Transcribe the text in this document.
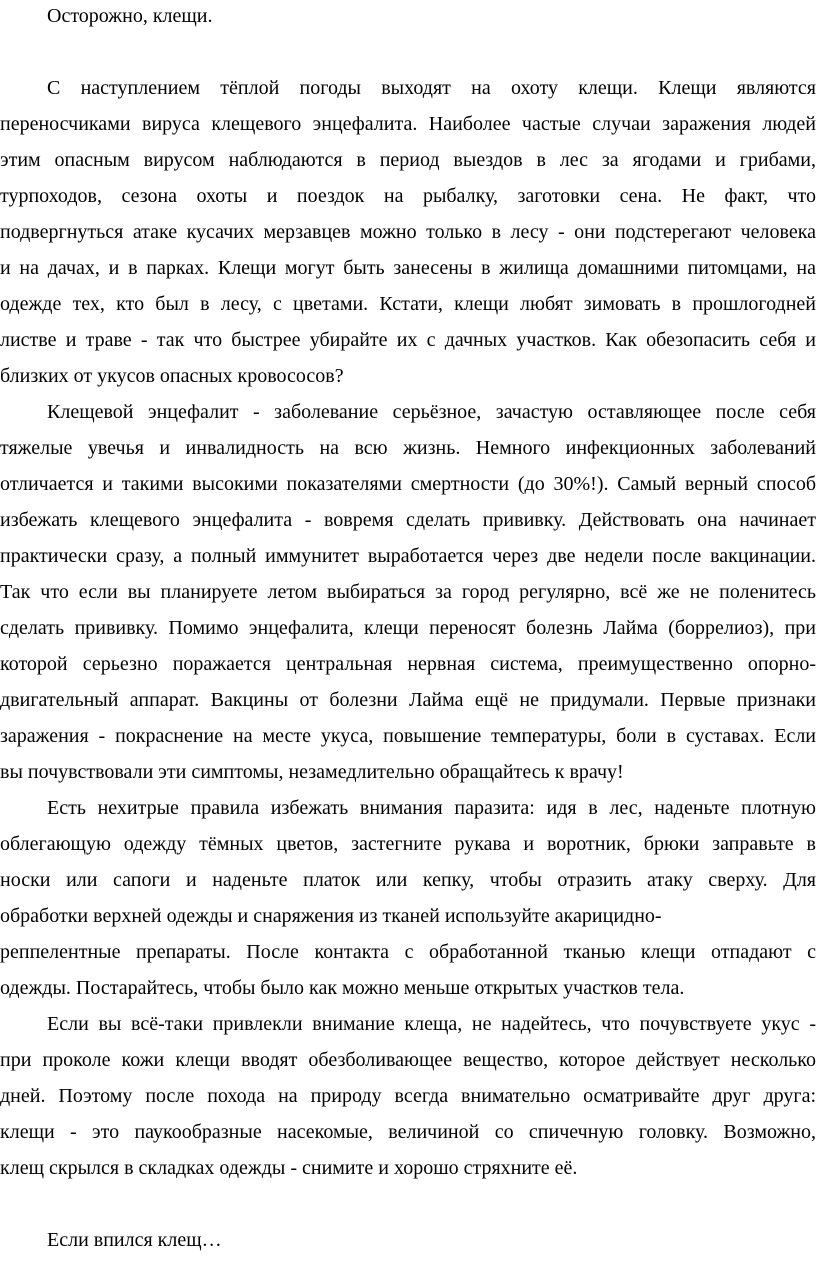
Осторожно, клещи.
С наступлением тёплой погоды выходят на охоту клещи. Клещи являются
переносчиками вируса клещевого энцефалита. Наиболее частые случаи заражения людей
этим опасным вирусом наблюдаются в период выездов в лес за ягодами и грибами,
турпоходов, сезона охоты и поездок на рыбалку, заготовки сена. Не факт, что
подвергнуться атаке кусачих мерзавцев можно только в лесу - они подстерегают человека
и на дачах, и в парках. Клещи могут быть занесены в жилища домашними питомцами, на
одежде тех, кто был в лесу, с цветами. Кстати, клещи любят зимовать в прошлогодней
листве и траве - так что быстрее убирайте их с дачных участков. Как обезопасить себя и
близких от укусов опасных кровососов?
Клещевой энцефалит - заболевание серьёзное, зачастую оставляющее после себя
тяжелые увечья и инвалидность на всю жизнь. Немного инфекционных заболеваний
отличается и такими высокими показателями смертности (до 30%!). Самый верный способ
избежать клещевого энцефалита - вовремя сделать прививку. Действовать она начинает
практически сразу, а полный иммунитет выработается через две недели после вакцинации.
Так что если вы планируете летом выбираться за город регулярно, всё же не поленитесь
сделать прививку. Помимо энцефалита, клещи переносят болезнь Лайма (боррелиоз), при
которой серьезно поражается центральная нервная система, преимущественно опорно-
двигательный аппарат. Вакцины от болезни Лайма ещё не придумали. Первые признаки
заражения - покраснение на месте укуса, повышение температуры, боли в суставах. Если
вы почувствовали эти симптомы, незамедлительно обращайтесь к врачу!
Есть нехитрые правила избежать внимания паразита: идя в лес, наденьте плотную
облегающую одежду тёмных цветов, застегните рукава и воротник, брюки заправьте в
носки или сапоги и наденьте платок или кепку, чтобы отразить атаку сверху. Для
обработки верхней одежды и снаряжения из тканей используйте акарицидно-
реппелентные препараты. После контакта с обработанной тканью клещи отпадают с
одежды. Постарайтесь, чтобы было как можно меньше открытых участков тела.
Если вы всё-таки привлекли внимание клеща, не надейтесь, что почувствуете укус -
при проколе кожи клещи вводят обезболивающее вещество, которое действует несколько
дней. Поэтому после похода на природу всегда внимательно осматривайте друг друга:
клещи - это паукообразные насекомые, величиной со спичечную головку. Возможно,
клещ скрылся в складках одежды - снимите и хорошо стряхните её.
Если впился клещ…
